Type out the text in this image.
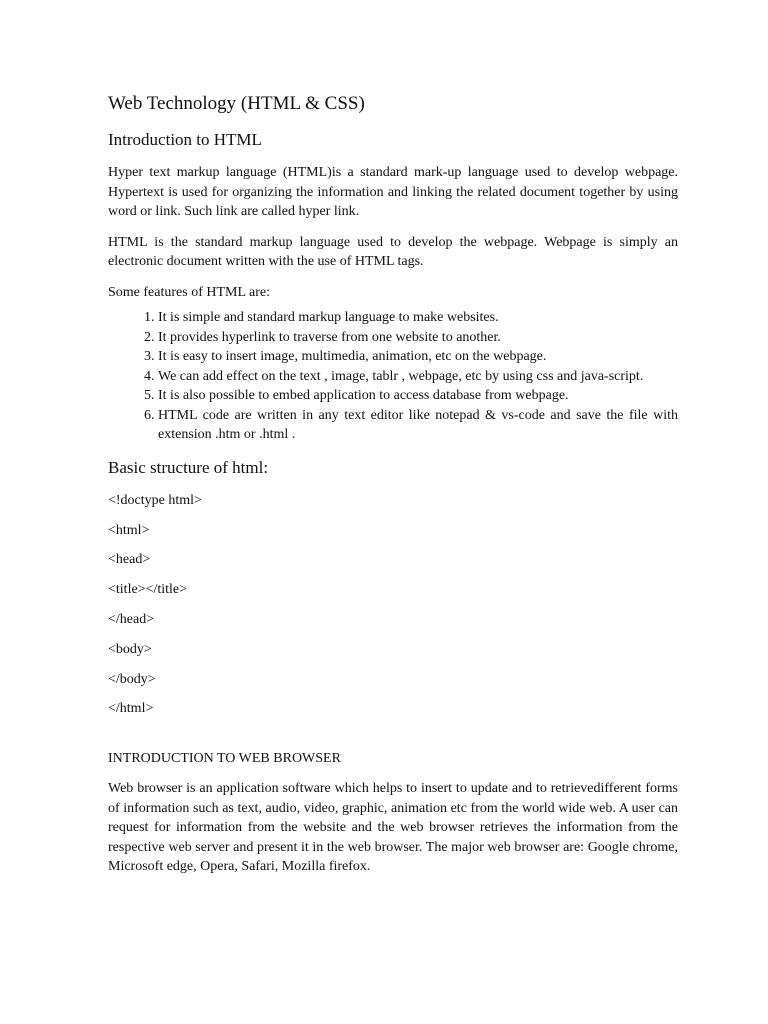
Web Technology (HTML & CSS)
Introduction to HTML

Hyper text markup language (HTML)is a standard mark-up language used to develop webpage. Hypertext is used for organizing the information and linking the related document together by using word or link. Such link are called hyper link.

HTML is the standard markup language used to develop the webpage. Webpage is simply an electronic document written with the use of HTML tags.

Some features of HTML are:

1. It is simple and standard markup language to make websites.
2. It provides hyperlink to traverse from one website to another.
3. It is easy to insert image, multimedia, animation, etc on the webpage.
4. We can add effect on the text , image, tablr , webpage, etc by using css and java-script.
5. It is also possible to embed application to access database from webpage.
6. HTML code are written in any text editor like notepad & vs-code and save the file with extension .htm or .html .
Basic structure of html:
<!doctype html>
<html>
<head>
<title></title>
</head>
<body>
</body>
</html>
INTRODUCTION TO WEB BROWSER

Web browser is an application software which helps to insert to update and to retrievedifferent forms of information such as text, audio, video, graphic, animation etc from the world wide web. A user can request for information from the website and the web browser retrieves the information from the respective web server and present it in the web browser. The major web browser are: Google chrome, Microsoft edge, Opera, Safari, Mozilla firefox.
